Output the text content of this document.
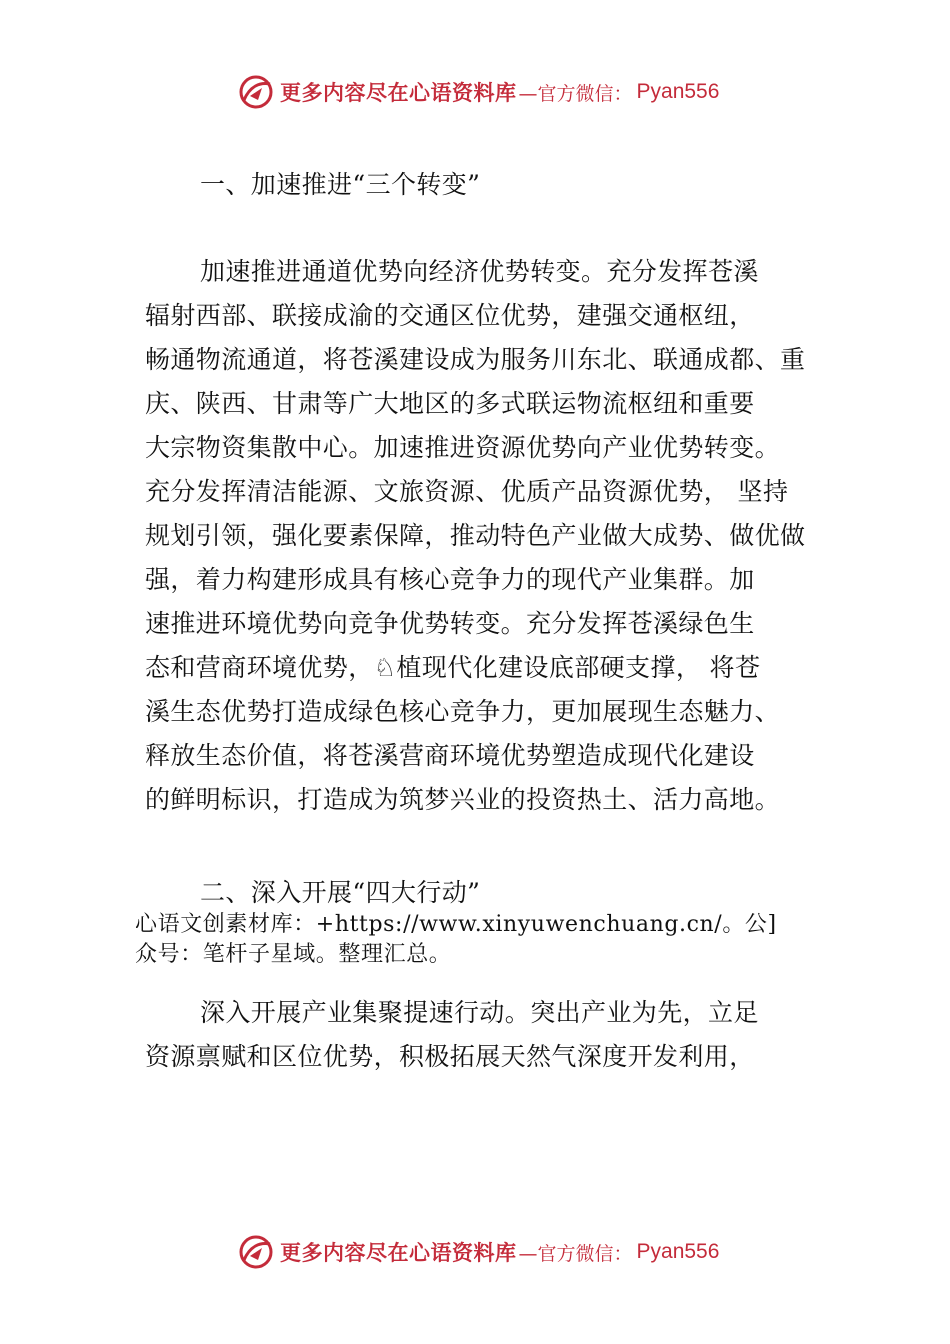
更多内容尽在心语资料库 —官方微信： Pyan556
一、加速推进“三个转变”
加速推进通道优势向经济优势转变。充分发挥苍溪
辐射西部、联接成渝的交通区位优势，建强交通枢纽，
畅通物流通道，将苍溪建设成为服务川东北、联通成都、重
庆、陕西、甘肃等广大地区的多式联运物流枢纽和重要
大宗物资集散中心。加速推进资源优势向产业优势转变。
充分发挥清洁能源、文旅资源、优质产品资源优势， 坚持
规划引领，强化要素保障，推动特色产业做大成势、做优做
强，着力构建形成具有核心竞争力的现代产业集群。加
速推进环境优势向竞争优势转变。充分发挥苍溪绿色生
态和营商环境优势，♘植现代化建设底部硬支撑， 将苍
溪生态优势打造成绿色核心竞争力，更加展现生态魅力、
释放生态价值，将苍溪营商环境优势塑造成现代化建设
的鲜明标识，打造成为筑梦兴业的投资热土、活力高地。
二、深入开展“四大行动”
心语文创素材库：+https://www.xinyuwenchuang.cn/。公]
众号：笔杆子星域。整理汇总。
深入开展产业集聚提速行动。突出产业为先，立足
资源禀赋和区位优势，积极拓展天然气深度开发利用，
更多内容尽在心语资料库 —官方微信： Pyan556
